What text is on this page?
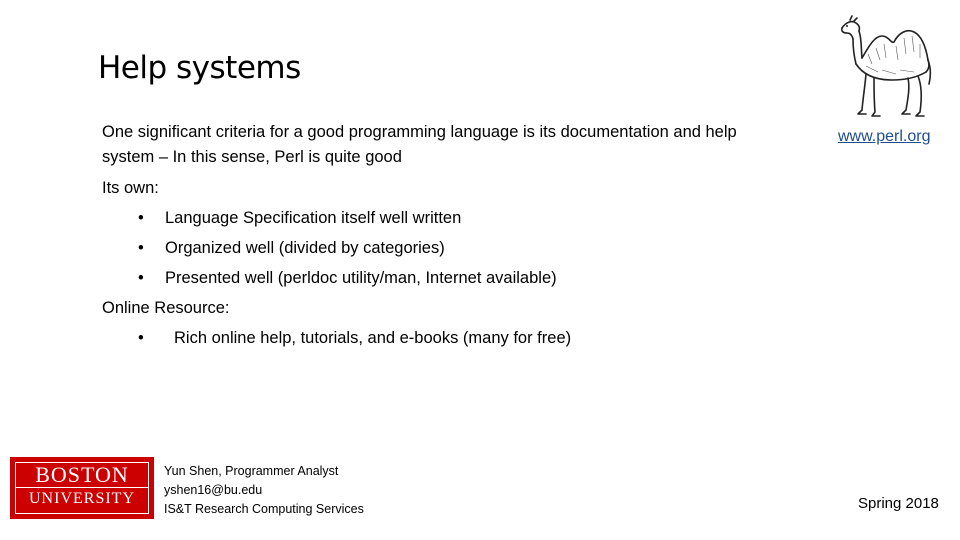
Help systems
One significant criteria for a good programming language is its documentation and help
system – In this sense, Perl is quite good
Its own:
• Language Specification itself well written
• Organized well (divided by categories)
• Presented well (perldoc utility/man, Internet available)
Online Resource:
• Rich online help, tutorials, and e-books (many for free)
www.perl.org
BOSTON
UNIVERSITY
Yun Shen, Programmer Analyst
yshen16@bu.edu
IS&T Research Computing Services	Spring 2018
